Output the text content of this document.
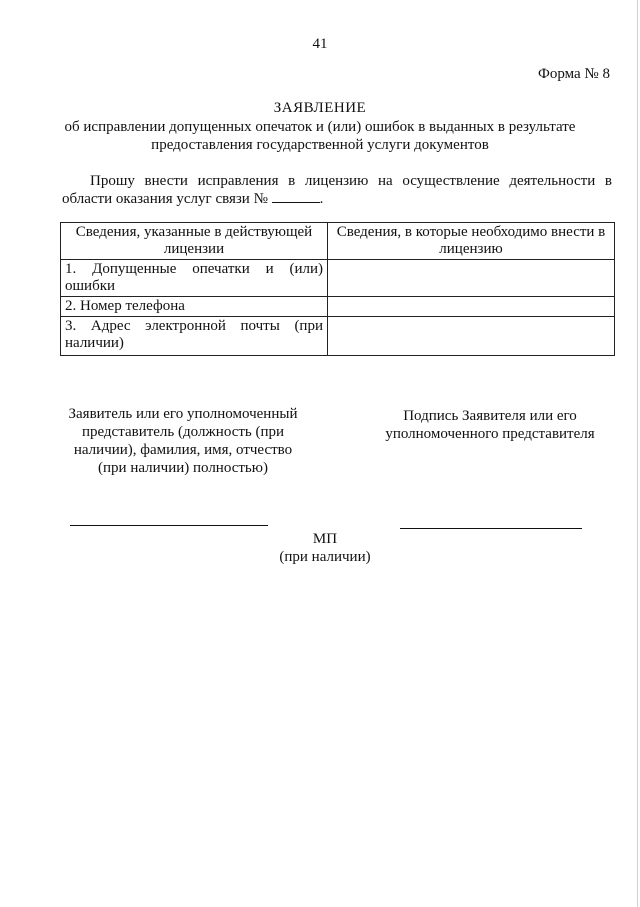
41
Форма № 8
ЗАЯВЛЕНИЕ
об исправлении допущенных опечаток и (или) ошибок в выданных в результате предоставления государственной услуги документов
Прошу внести исправления в лицензию на осуществление деятельности в области оказания услуг связи №	.
Сведения, указанные в действующей лицензии	Сведения, в которые необходимо внести в лицензию
1. Допущенные опечатки и (или) ошибки	
2. Номер телефона	
3. Адрес электронной почты (при наличии)	
Заявитель или его уполномоченный представитель (должность (при наличии), фамилия, имя, отчество (при наличии) полностью)
Подпись Заявителя или его уполномоченного представителя
МП
(при наличии)
